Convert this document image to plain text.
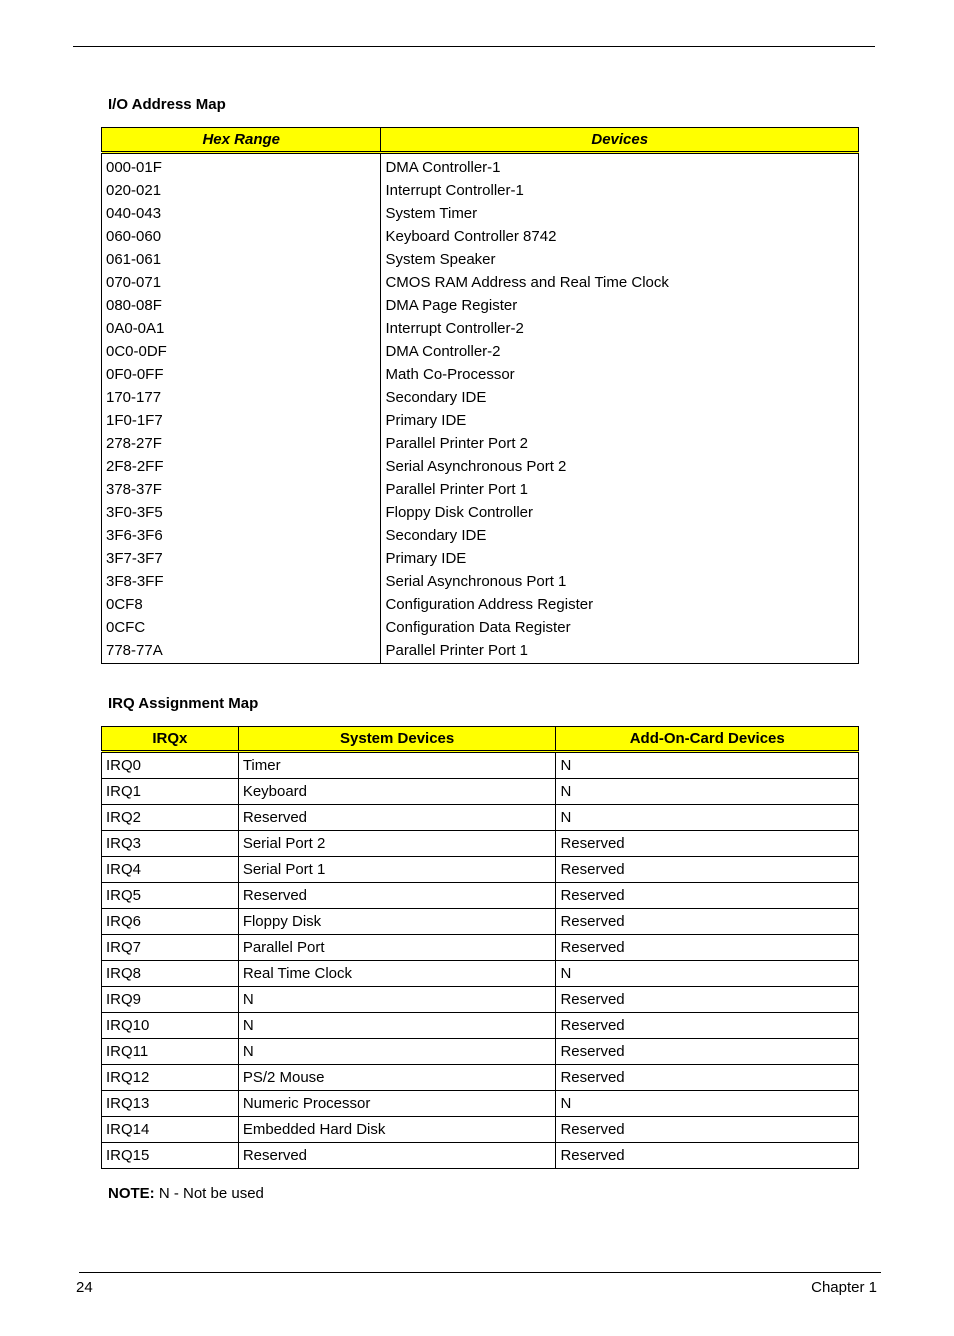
I/O Address Map
Hex Range	Devices
000-01F	DMA Controller-1
020-021	Interrupt Controller-1
040-043	System Timer
060-060	Keyboard Controller 8742
061-061	System Speaker
070-071	CMOS RAM Address and Real Time Clock
080-08F	DMA Page Register
0A0-0A1	Interrupt Controller-2
0C0-0DF	DMA Controller-2
0F0-0FF	Math Co-Processor
170-177	Secondary IDE
1F0-1F7	Primary IDE
278-27F	Parallel Printer Port 2
2F8-2FF	Serial Asynchronous Port 2
378-37F	Parallel Printer Port 1
3F0-3F5	Floppy Disk Controller
3F6-3F6	Secondary IDE
3F7-3F7	Primary IDE
3F8-3FF	Serial Asynchronous Port 1
0CF8	Configuration Address Register
0CFC	Configuration Data Register
778-77A	Parallel Printer Port 1
IRQ Assignment Map
IRQx	System Devices	Add-On-Card Devices
IRQ0	Timer	N
IRQ1	Keyboard	N
IRQ2	Reserved	N
IRQ3	Serial Port 2	Reserved
IRQ4	Serial Port 1	Reserved
IRQ5	Reserved	Reserved
IRQ6	Floppy Disk	Reserved
IRQ7	Parallel Port	Reserved
IRQ8	Real Time Clock	N
IRQ9	N	Reserved
IRQ10	N	Reserved
IRQ11	N	Reserved
IRQ12	PS/2 Mouse	Reserved
IRQ13	Numeric Processor	N
IRQ14	Embedded Hard Disk	Reserved
IRQ15	Reserved	Reserved
NOTE: N - Not be used
24	Chapter 1
